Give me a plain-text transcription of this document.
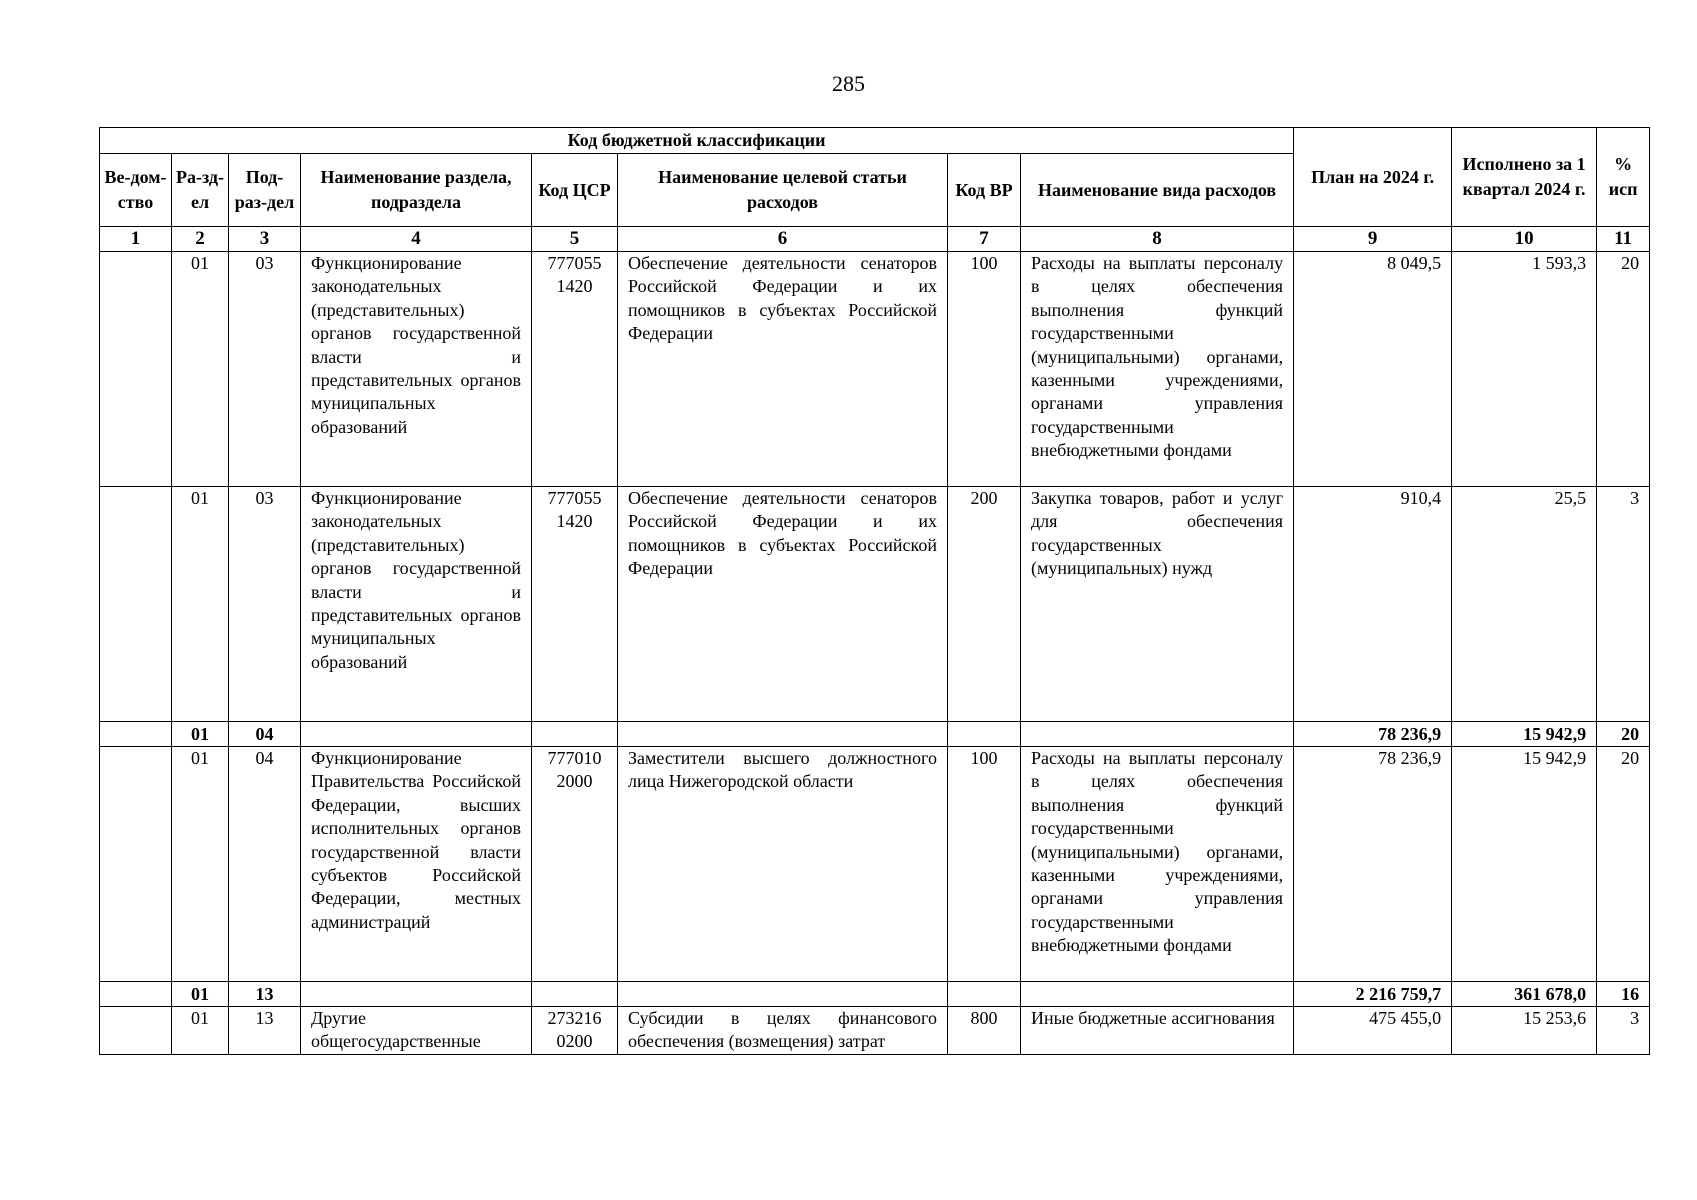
285
Код бюджетной классификации								План на 2024 г.	Исполнено за 1 квартал 2024 г.	% исп
Ве-дом-ство	Ра-зд-ел	Под-раз-дел	Наименование раздела, подраздела	Код ЦСР	Наименование целевой статьи расходов	Код ВР	Наименование вида расходов			
1	2	3	4	5	6	7	8	9	10	11
	01	03	Функционирование законодательных (представительных) органов государственной власти и представительных органов муниципальных образований	777055 1420	Обеспечение деятельности сенаторов Российской Федерации и их помощников в субъектах Российской Федерации	100	Расходы на выплаты персоналу в целях обеспечения выполнения функций государственными (муниципальными) органами, казенными учреждениями, органами управления государственными внебюджетными фондами	8 049,5	1 593,3	20
	01	03	Функционирование законодательных (представительных) органов государственной власти и представительных органов муниципальных образований	777055 1420	Обеспечение деятельности сенаторов Российской Федерации и их помощников в субъектах Российской Федерации	200	Закупка товаров, работ и услуг для обеспечения государственных (муниципальных) нужд	910,4	25,5	3
	01	04						78 236,9	15 942,9	20
	01	04	Функционирование Правительства Российской Федерации, высших исполнительных органов государственной власти субъектов Российской Федерации, местных администраций	777010 2000	Заместители высшего должностного лица Нижегородской области	100	Расходы на выплаты персоналу в целях обеспечения выполнения функций государственными (муниципальными) органами, казенными учреждениями, органами управления государственными внебюджетными фондами	78 236,9	15 942,9	20
	01	13						2 216 759,7	361 678,0	16
	01	13	Другие общегосударственные	273216 0200	Субсидии в целях финансового обеспечения (возмещения) затрат	800	Иные бюджетные ассигнования	475 455,0	15 253,6	3
